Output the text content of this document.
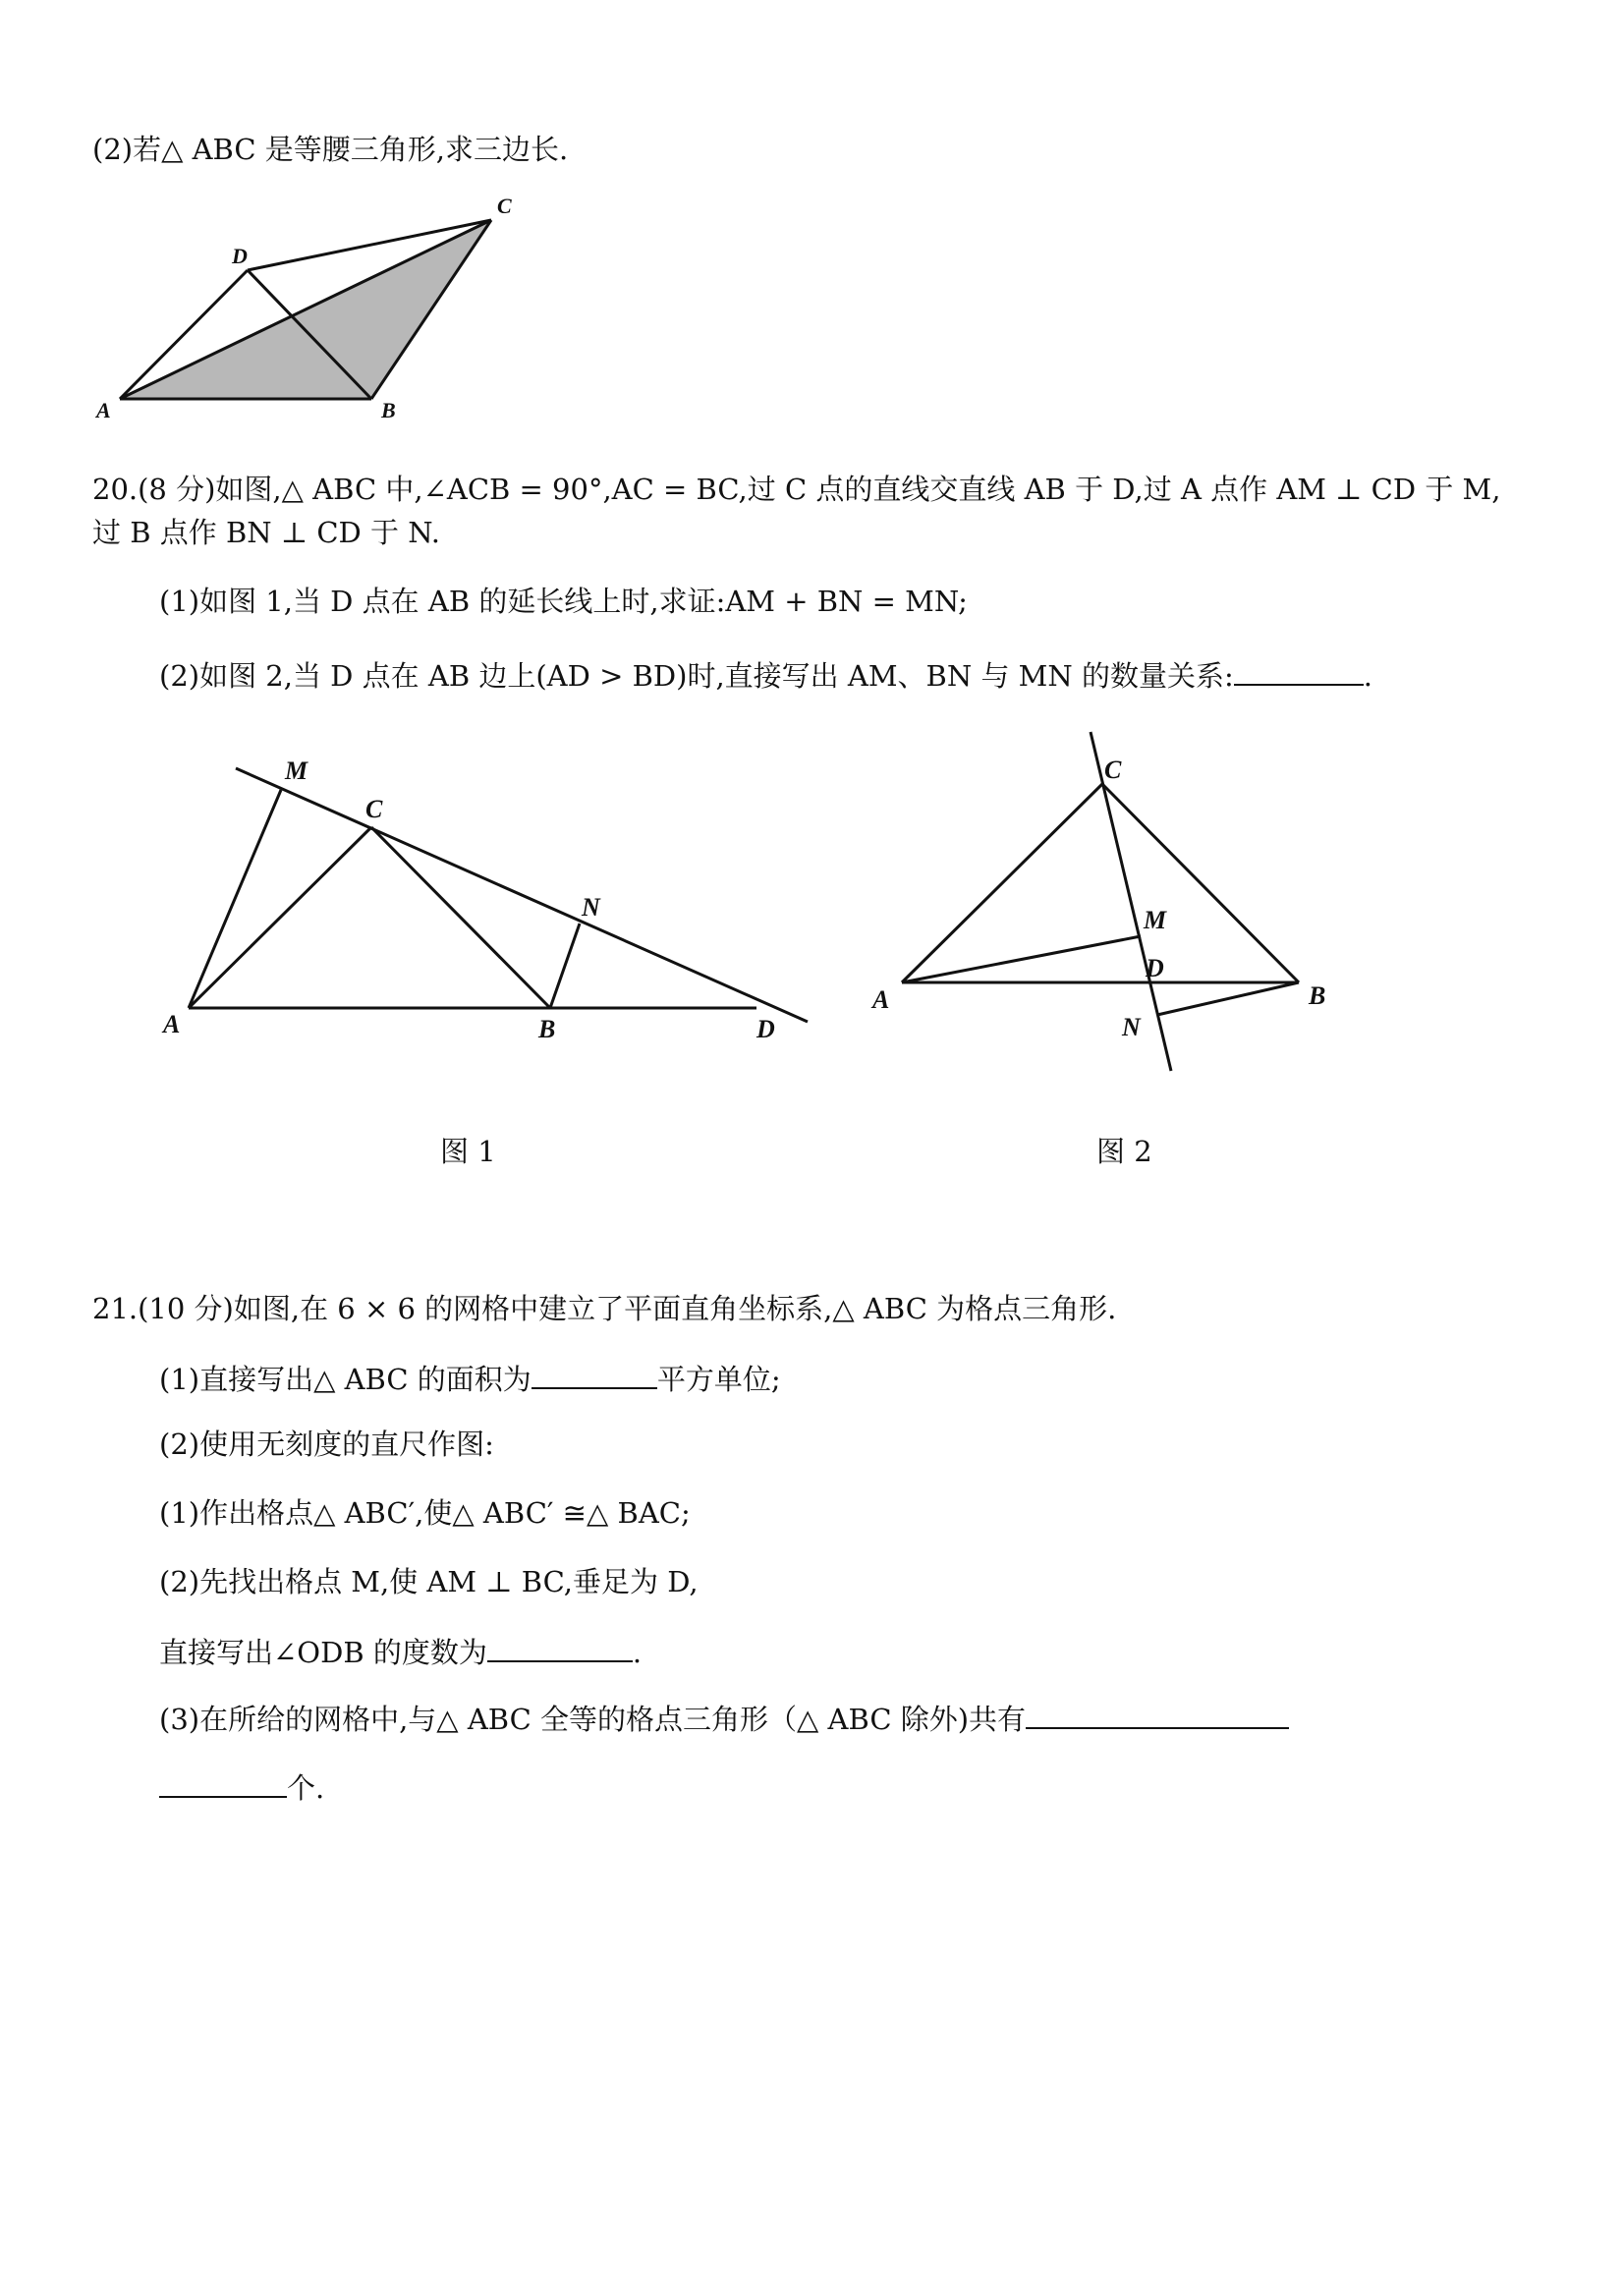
(2)若△ ABC 是等腰三角形,求三边长.
C
D
A	B
20.(8 分)如图,△ ABC 中,∠ACB = 90°,AC = BC,过 C 点的直线交直线 AB 于 D,过 A 点作 AM ⊥ CD 于 M,
过 B 点作 BN ⊥ CD 于 N.
(1)如图 1,当 D 点在 AB 的延长线上时,求证:AM + BN = MN;
(2)如图 2,当 D 点在 AB 边上(AD > BD)时,直接写出 AM、BN 与 MN 的数量关系:	.
M
C
N
A	B	D
图 1
C
M
D
A	B
N
图 2
21.(10 分)如图,在 6 × 6 的网格中建立了平面直角坐标系,△ ABC 为格点三角形.
(1)直接写出△ ABC 的面积为	平方单位;
(2)使用无刻度的直尺作图:
(1)作出格点△ ABC′,使△ ABC′ ≅△ BAC;
(2)先找出格点 M,使 AM ⊥ BC,垂足为 D,
直接写出∠ODB 的度数为	.
(3)在所给的网格中,与△ ABC 全等的格点三角形（△ ABC 除外)共有
个.
